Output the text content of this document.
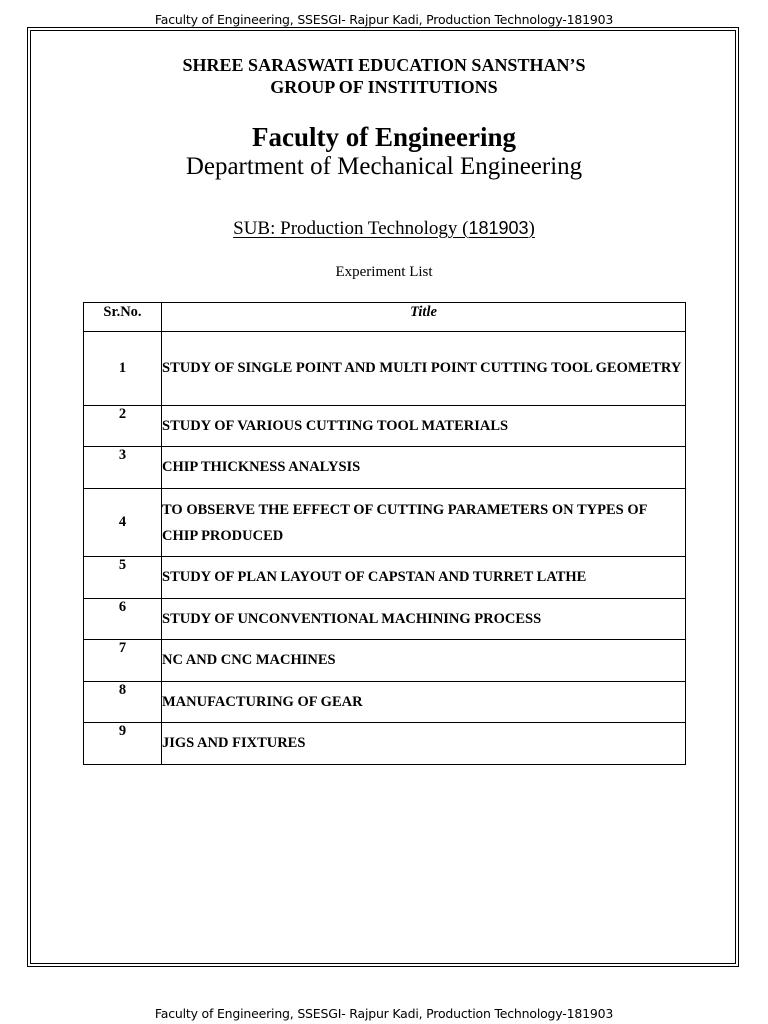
Faculty of Engineering, SSESGI- Rajpur Kadi, Production Technology-181903
SHREE SARASWATI EDUCATION SANSTHAN’S
GROUP OF INSTITUTIONS
Faculty of Engineering
Department of Mechanical Engineering
SUB: Production Technology (181903)
Experiment List
Sr.No.	Title
1	STUDY OF SINGLE POINT AND MULTI POINT CUTTING TOOL GEOMETRY
2	STUDY OF VARIOUS CUTTING TOOL MATERIALS
3	CHIP THICKNESS ANALYSIS
4	TO OBSERVE THE EFFECT OF CUTTING PARAMETERS ON TYPES OF CHIP PRODUCED
5	STUDY OF PLAN LAYOUT OF CAPSTAN AND TURRET LATHE
6	STUDY OF UNCONVENTIONAL MACHINING PROCESS
7	NC AND CNC MACHINES
8	MANUFACTURING OF GEAR
9	JIGS AND FIXTURES
Faculty of Engineering, SSESGI- Rajpur Kadi, Production Technology-181903
